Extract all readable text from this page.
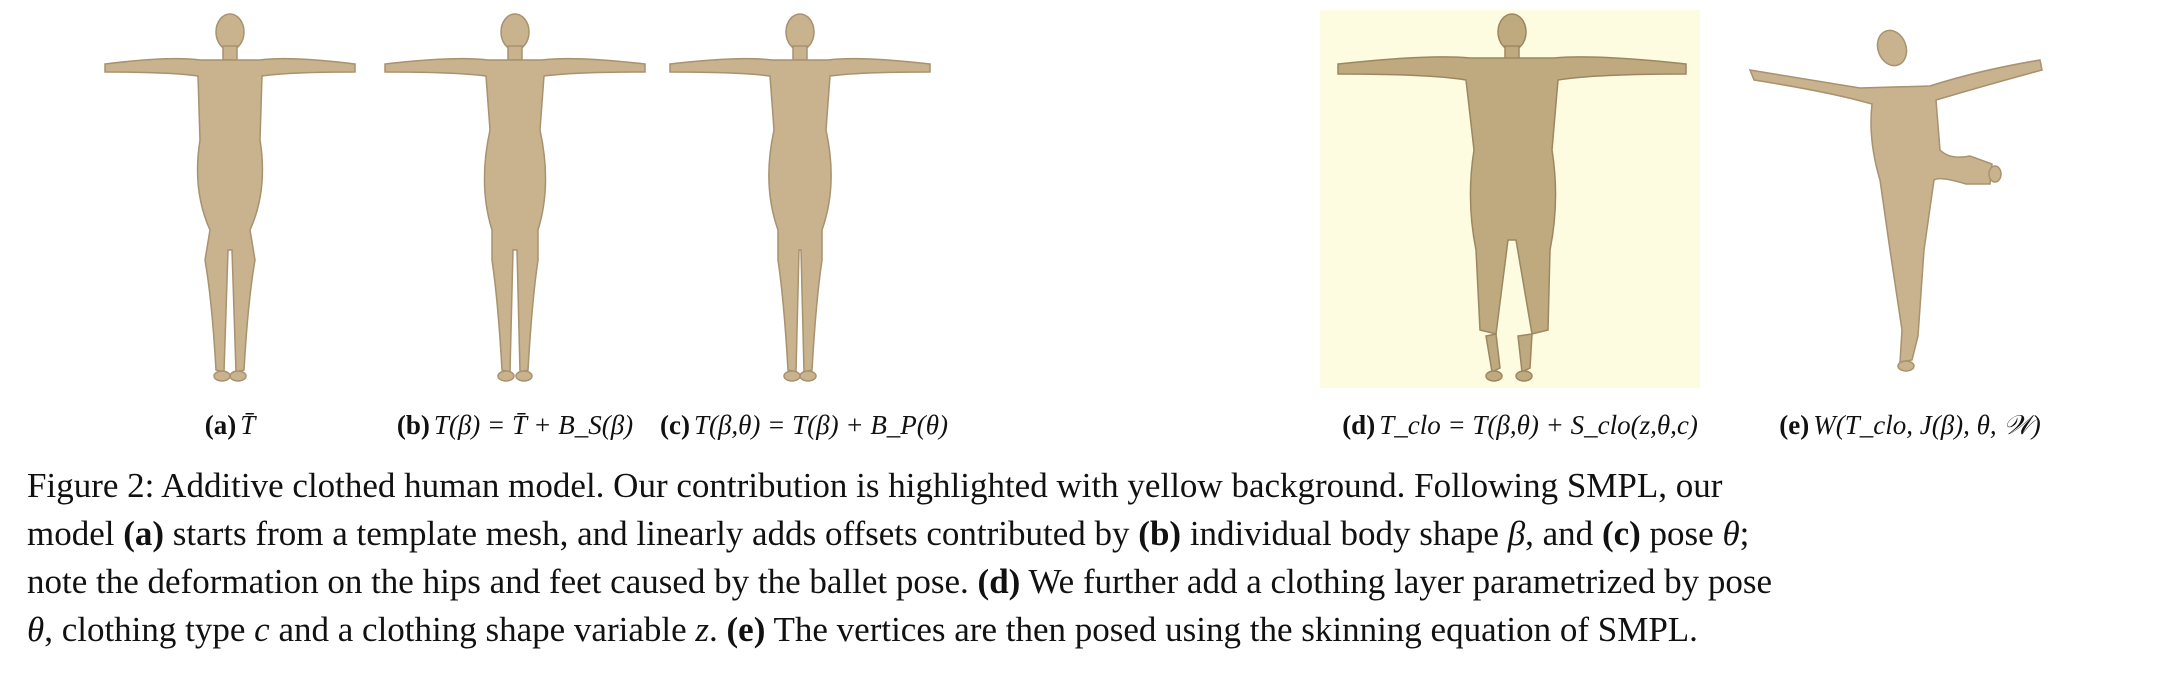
(a) T̄	(b) T(β) = T̄ + B_S(β) (c) T(β,θ) = T(β) + B_P(θ)	(d) T_clo = T(β,θ) + S_clo(z,θ,c)	(e) W(T_clo, J(β), θ, 𝒲)
Figure 2: Additive clothed human model. Our contribution is highlighted with yellow background. Following SMPL, our
model (a) starts from a template mesh, and linearly adds offsets contributed by (b) individual body shape β, and (c) pose θ;
note the deformation on the hips and feet caused by the ballet pose. (d) We further add a clothing layer parametrized by pose
θ, clothing type c and a clothing shape variable z. (e) The vertices are then posed using the skinning equation of SMPL.
